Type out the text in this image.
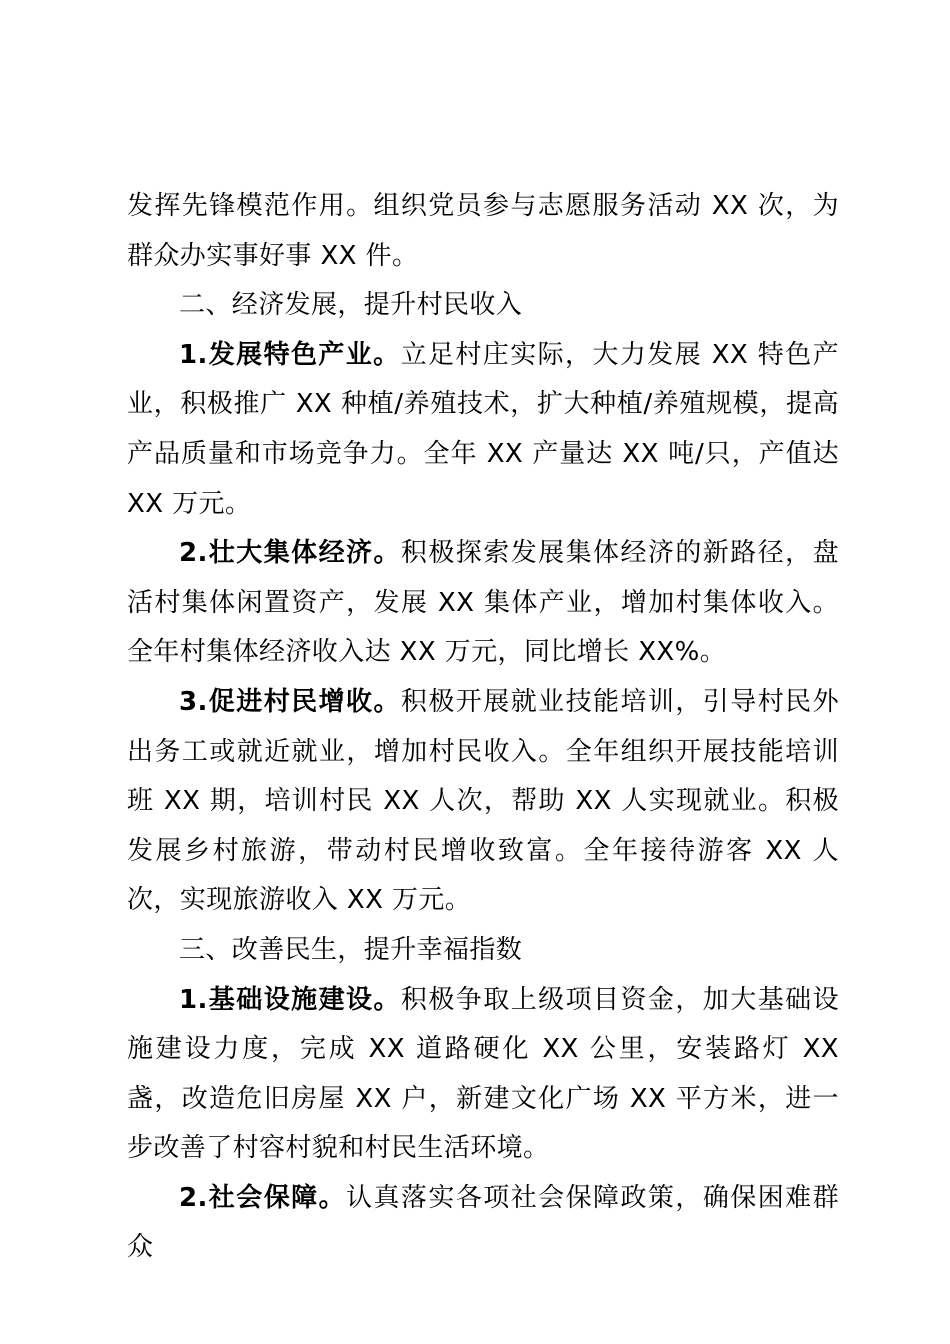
发挥先锋模范作用。组织党员参与志愿服务活动 XX 次，为群众办实事好事 XX 件。

二、经济发展，提升村民收入

1.发展特色产业。立足村庄实际，大力发展 XX 特色产业，积极推广 XX 种植/养殖技术，扩大种植/养殖规模，提高产品质量和市场竞争力。全年 XX 产量达 XX 吨/只，产值达 XX 万元。

2.壮大集体经济。积极探索发展集体经济的新路径，盘活村集体闲置资产，发展 XX 集体产业，增加村集体收入。全年村集体经济收入达 XX 万元，同比增长 XX%。

3.促进村民增收。积极开展就业技能培训，引导村民外出务工或就近就业，增加村民收入。全年组织开展技能培训班 XX 期，培训村民 XX 人次，帮助 XX 人实现就业。积极发展乡村旅游，带动村民增收致富。全年接待游客 XX 人次，实现旅游收入 XX 万元。

三、改善民生，提升幸福指数

1.基础设施建设。积极争取上级项目资金，加大基础设施建设力度，完成 XX 道路硬化 XX 公里，安装路灯 XX 盏，改造危旧房屋 XX 户，新建文化广场 XX 平方米，进一步改善了村容村貌和村民生活环境。

2.社会保障。认真落实各项社会保障政策，确保困难群众
